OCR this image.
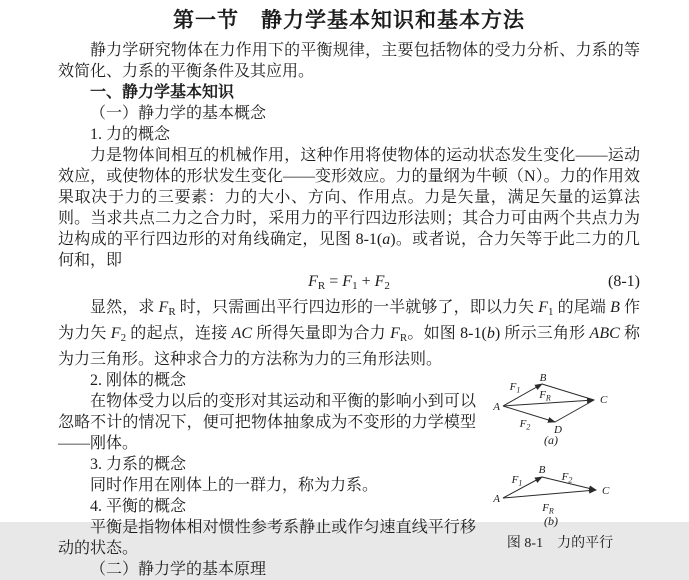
第一节　静力学基本知识和基本方法

静力学研究物体在力作用下的平衡规律，主要包括物体的受力分析、力系的等效简化、力系的平衡条件及其应用。

一、静力学基本知识
（一）静力学的基本概念
1. 力的概念

力是物体间相互的机械作用，这种作用将使物体的运动状态发生变化——运动效应，或使物体的形状发生变化——变形效应。力的量纲为牛顿（N）。力的作用效果取决于力的三要素：力的大小、方向、作用点。力是矢量，满足矢量的运算法则。当求共点二力之合力时，采用力的平行四边形法则；其合力可由两个共点力为边构成的平行四边形的对角线确定，见图 8-1(a)。或者说，合力矢等于此二力的几何和，即

FR = F1 + F2	(8-1)

显然，求 FR 时，只需画出平行四边形的一半就够了，即以力矢 F1 的尾端 B 作为力矢 F2 的起点，连接 AC 所得矢量即为合力 FR。如图 8-1(b) 所示三角形 ABC 称为力三角形。这种求合力的方法称为力的三角形法则。

A
B
C
D
$F_1$ $F_R$
$F_2$
(a)
A
B
C
$F_1$	$F_2$
$F_R$
(b)
图 8-1　力的平行
2. 刚体的概念

在物体受力以后的变形对其运动和平衡的影响小到可以忽略不计的情况下，便可把物体抽象成为不变形的力学模型——刚体。

3. 力系的概念

同时作用在刚体上的一群力，称为力系。

4. 平衡的概念

平衡是指物体相对惯性参考系静止或作匀速直线平行移动的状态。

（二）静力学的基本原理
